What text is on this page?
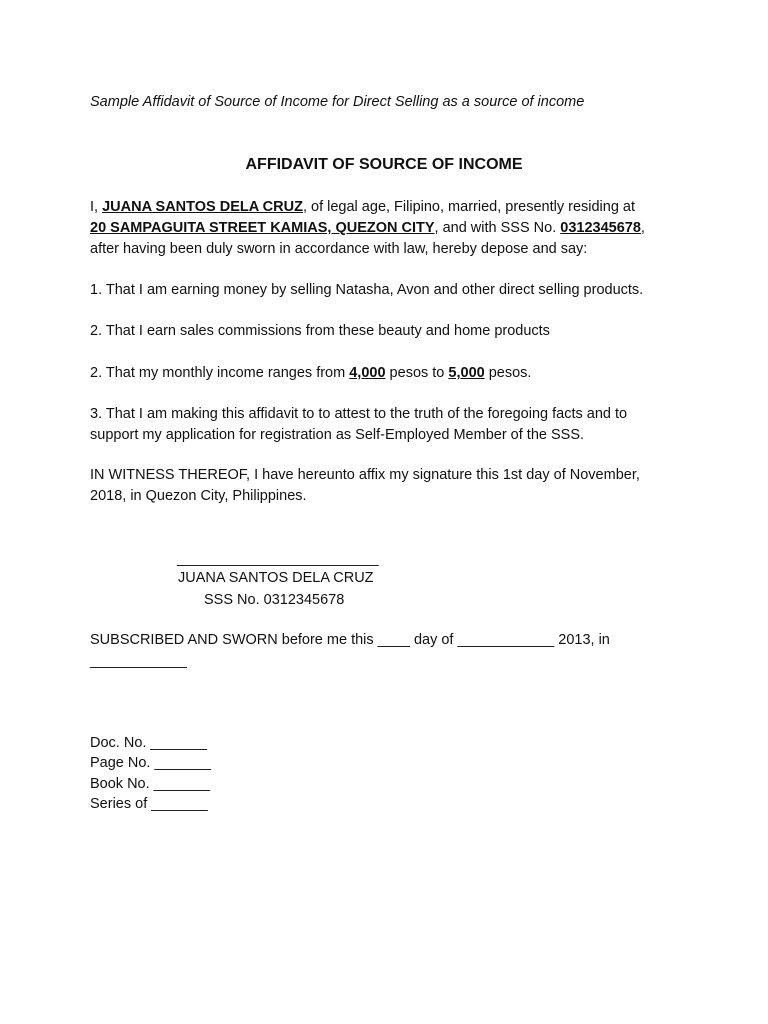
Sample Affidavit of Source of Income for Direct Selling as a source of income
AFFIDAVIT OF SOURCE OF INCOME
I, JUANA SANTOS DELA CRUZ, of legal age, Filipino, married, presently residing at
20 SAMPAGUITA STREET KAMIAS, QUEZON CITY, and with SSS No. 0312345678,
after having been duly sworn in accordance with law, hereby depose and say:
1. That I am earning money by selling Natasha, Avon and other direct selling products.
2. That I earn sales commissions from these beauty and home products
2. That my monthly income ranges from 4,000 pesos to 5,000 pesos.
3. That I am making this affidavit to to attest to the truth of the foregoing facts and to
support my application for registration as Self-Employed Member of the SSS.
IN WITNESS THEREOF, I have hereunto affix my signature this 1st day of November,
2018, in Quezon City, Philippines.
_________________________
JUANA SANTOS DELA CRUZ
SSS No. 0312345678
SUBSCRIBED AND SWORN before me this ____ day of ____________ 2013, in
____________
Doc. No. _______
Page No. _______
Book No. _______
Series of _______
